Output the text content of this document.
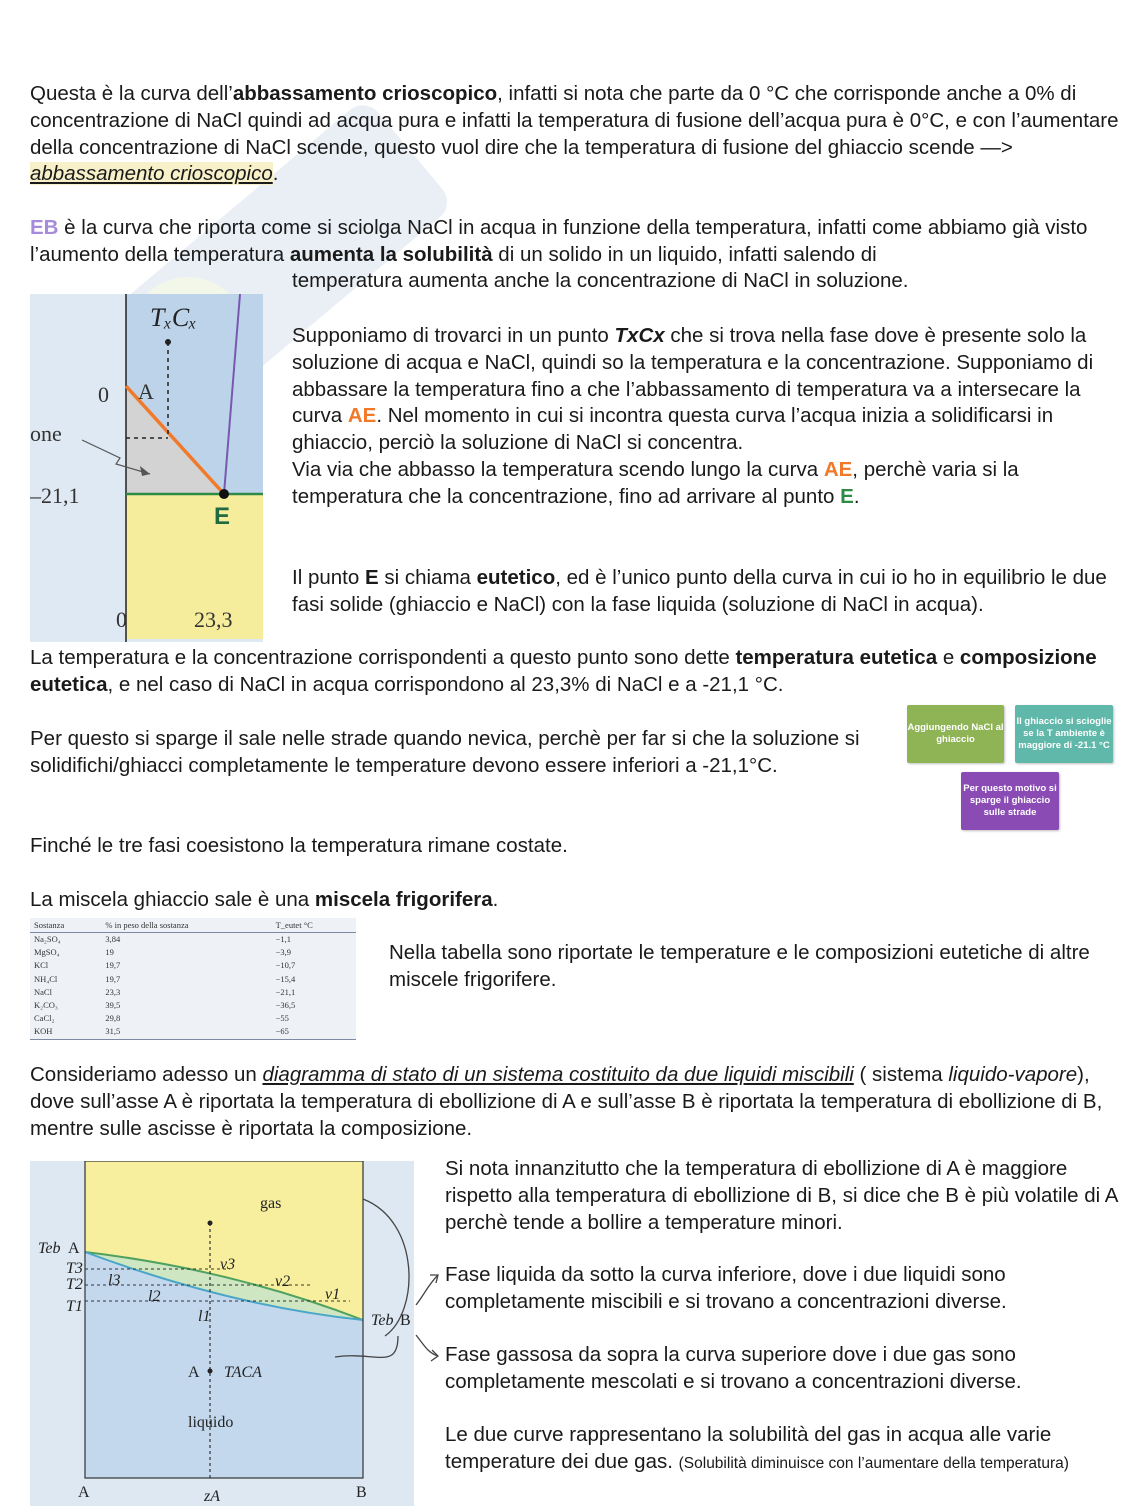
Questa è la curva dell’abbassamento crioscopico, infatti si nota che parte da 0 °C che corrisponde anche a 0% di concentrazione di NaCl quindi ad acqua pura e infatti la temperatura di fusione dell’acqua pura è 0°C, e con l’aumentare della concentrazione di NaCl scende, questo vuol dire che la temperatura di fusione del ghiaccio scende —> abbassamento crioscopico.

EB è la curva che riporta come si sciolga NaCl in acqua in funzione della temperatura, infatti come abbiamo già visto l’aumento della temperatura aumenta la solubilità di un solido in un liquido, infatti salendo di

temperatura aumenta anche la concentrazione di NaCl in soluzione.

TₓCₓ
0 A
one
–21,1
E
0	23,3

Supponiamo di trovarci in un punto TxCx che si trova nella fase dove è presente solo la soluzione di acqua e NaCl, quindi so la temperatura e la concentrazione. Supponiamo di abbassare la temperatura fino a che l’abbassamento di temperatura va a intersecare la curva AE. Nel momento in cui si incontra questa curva l’acqua inizia a solidificarsi in ghiaccio, perciò la soluzione di NaCl si concentra.
Via via che abbasso la temperatura scendo lungo la curva AE, perchè varia si la temperatura che la concentrazione, fino ad arrivare al punto E.

Il punto E si chiama eutetico, ed è l’unico punto della curva in cui io ho in equilibrio le due fasi solide (ghiaccio e NaCl) con la fase liquida (soluzione di NaCl in acqua).

La temperatura e la concentrazione corrispondenti a questo punto sono dette temperatura eutetica e composizione eutetica, e nel caso di NaCl in acqua corrispondono al 23,3% di NaCl e a -21,1 °C.

Per questo si sparge il sale nelle strade quando nevica, perchè per far si che la soluzione si solidifichi/ghiacci completamente le temperature devono essere inferiori a -21,1°C.

Aggiungendo NaCl al ghiaccio
Il ghiaccio si scioglie se la T ambiente è maggiore di -21.1 °C
Per questo motivo si sparge il ghiaccio sulle strade

Finché le tre fasi coesistono la temperatura rimane costate.

La miscela ghiaccio sale è una miscela frigorifera.

Sostanza	% in peso della sostanza	T_eutet °C
Na₂SO₄	3,84	−1,1
MgSO₄	19	−3,9
KCl	19,7	−10,7
NH₄Cl	19,7	−15,4
NaCl	23,3	−21,1
K₂CO₃	39,5	−36,5
CaCl₂	29,8	−55
KOH	31,5	−65

Nella tabella sono riportate le temperature e le composizioni eutetiche di altre miscele frigorifere.

Consideriamo adesso un diagramma di stato di un sistema costituito da due liquidi miscibili ( sistema liquido-vapore), dove sull’asse A è riportata la temperatura di ebollizione di A e sull’asse B è riportata la temperatura di ebollizione di B, mentre sulle ascisse è riportata la composizione.

gas
liquido
Teb A
T3
T2
T1
l3
l2
l1
v3
v2
v1
Teb B
A TACA
A	zA	B

Si nota innanzitutto che la temperatura di ebollizione di A è maggiore rispetto alla temperatura di ebollizione di B, si dice che B è più volatile di A perchè tende a bollire a temperature minori.

Fase liquida da sotto la curva inferiore, dove i due liquidi sono completamente miscibili e si trovano a concentrazioni diverse.

Fase gassosa da sopra la curva superiore dove i due gas sono completamente mescolati e si trovano a concentrazioni diverse.

Le due curve rappresentano la solubilità del gas in acqua alle varie temperature dei due gas. (Solubilità diminuisce con l’aumentare della temperatura)
